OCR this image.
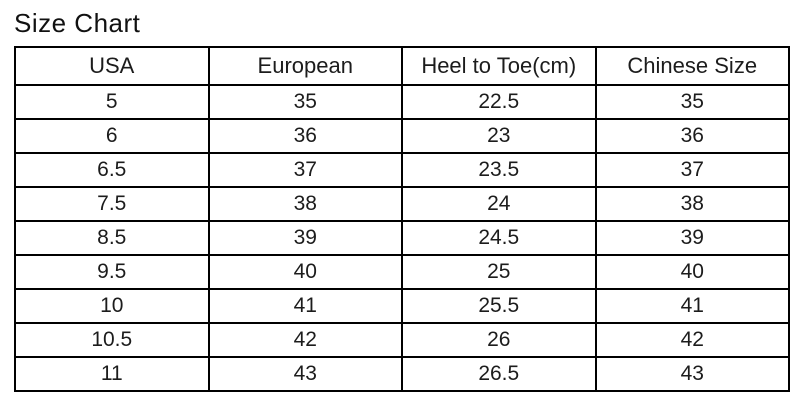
Size Chart
USA	European	Heel to Toe(cm)	Chinese Size
5	35	22.5	35
6	36	23	36
6.5	37	23.5	37
7.5	38	24	38
8.5	39	24.5	39
9.5	40	25	40
10	41	25.5	41
10.5	42	26	42
11	43	26.5	43
